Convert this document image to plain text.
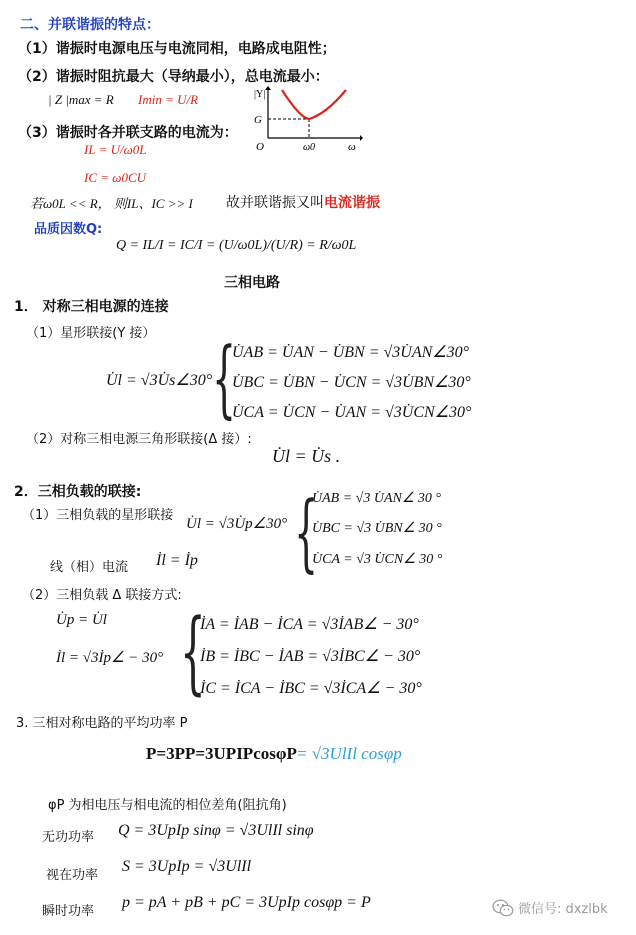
二、并联谐振的特点：
（1）谐振时电源电压与电流同相，电路成电阻性；
（2）谐振时阻抗最大（导纳最小），总电流最小：
| Z |max = R Imin = U/R
（3）谐振时各并联支路的电流为：
IL = U/ω0L
IC = ω0CU
若ω0L << R， 则IL、IC >> I 故并联谐振又叫电流谐振
品质因数Q:
Q = IL/I = IC/I = (U/ω0L)/(U/R) = R/ω0L
|Y|
G
O	ω0	ω
三相电路
1． 对称三相电源的连接
（1）星形联接(Y 接）
U̇l = √3U̇s∠30° {
U̇AB = U̇AN − U̇BN = √3U̇AN∠30°
U̇BC = U̇BN − U̇CN = √3U̇BN∠30°
U̇CA = U̇CN − U̇AN = √3U̇CN∠30°
（2）对称三相电源三角形联接(Δ 接）:
U̇l = U̇s .
2．三相负载的联接:
（1）三相负载的星形联接
U̇l = √3U̇p∠30° {
U̇AB = √3 U̇AN∠ 30 °
U̇BC = √3 U̇BN∠ 30 °
U̇CA = √3 U̇CN∠ 30 °
线（相）电流 İl = İp
（2）三相负载 Δ 联接方式:
U̇p = U̇l
İl = √3İp∠ − 30° {
İA = İAB − İCA = √3İAB∠ − 30°
İB = İBC − İAB = √3İBC∠ − 30°
İC = İCA − İBC = √3İCA∠ − 30°
3. 三相对称电路的平均功率 P
P=3PP=3UPIPcosφP = √3UlIl cosφp
φP 为相电压与相电流的相位差角(阻抗角)
无功功率 Q = 3UpIp sinφ = √3UlIl sinφ
视在功率
S = 3UpIp = √3UlIl
瞬时功率
p = pA + pB + pC = 3UpIp cosφp = P	微信号: dxzlbk
